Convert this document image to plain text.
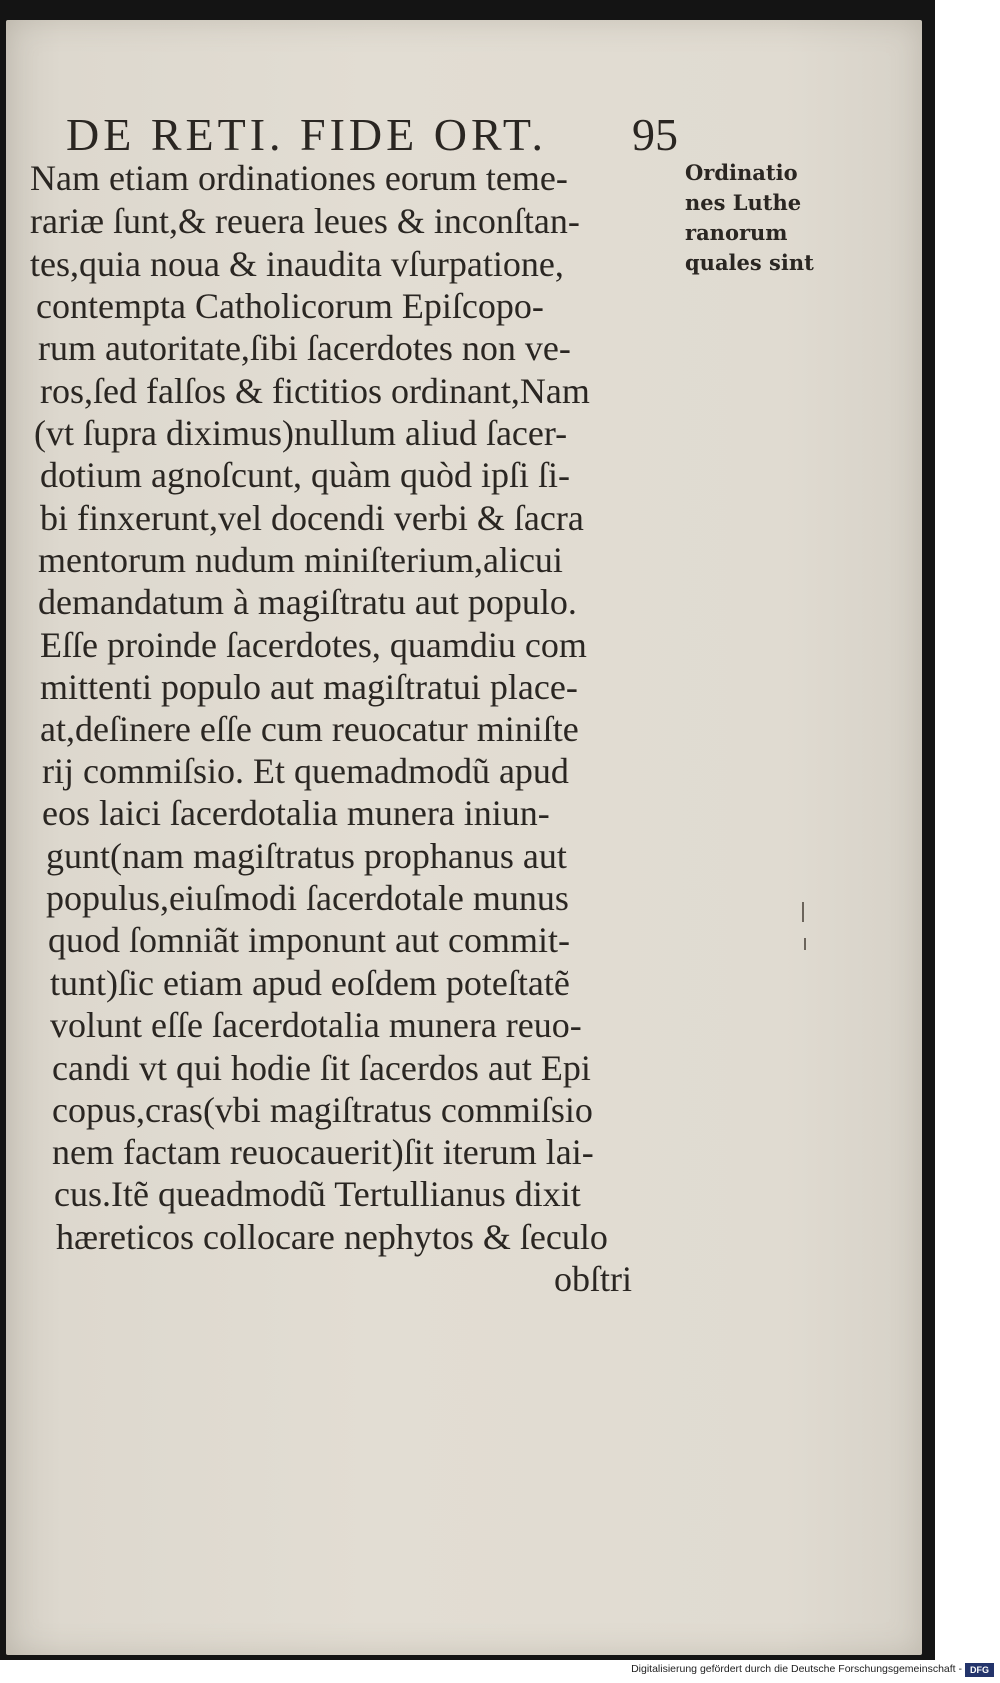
DE RETI. FIDE ORT. 95
Nam etiam ordinationes eorum teme-
rariæ ſunt,& reuera leues & inconſtan-
tes,quia noua & inaudita vſurpatione,
contempta Catholicorum Epiſcopo-
rum autoritate,ſibi ſacerdotes non ve-
ros,ſed falſos & fictitios ordinant,Nam
(vt ſupra diximus)nullum aliud ſacer-
dotium agnoſcunt, quàm quòd ipſi ſi-
bi finxerunt,vel docendi verbi & ſacra
mentorum nudum miniſterium,alicui
demandatum à magiſtratu aut populo.
Eſſe proinde ſacerdotes, quamdiu com
mittenti populo aut magiſtratui place-
at,deſinere eſſe cum reuocatur miniſte
rij commiſsio. Et quemadmodũ apud
eos laici ſacerdotalia munera iniun-
gunt(nam magiſtratus prophanus aut
populus,eiuſmodi ſacerdotale munus
quod ſomniãt imponunt aut commit-
tunt)ſic etiam apud eoſdem poteſtatẽ
volunt eſſe ſacerdotalia munera reuo-
candi vt qui hodie ſit ſacerdos aut Epi
copus,cras(vbi magiſtratus commiſsio
nem factam reuocauerit)ſit iterum lai-
cus.Itẽ queadmodũ Tertullianus dixit
hæreticos collocare nephytos & ſeculo
obſtri
Ordinatio
nes Luthe
ranorum
quales sint
Digitalisierung gefördert durch die Deutsche Forschungsgemeinschaft - DFG
